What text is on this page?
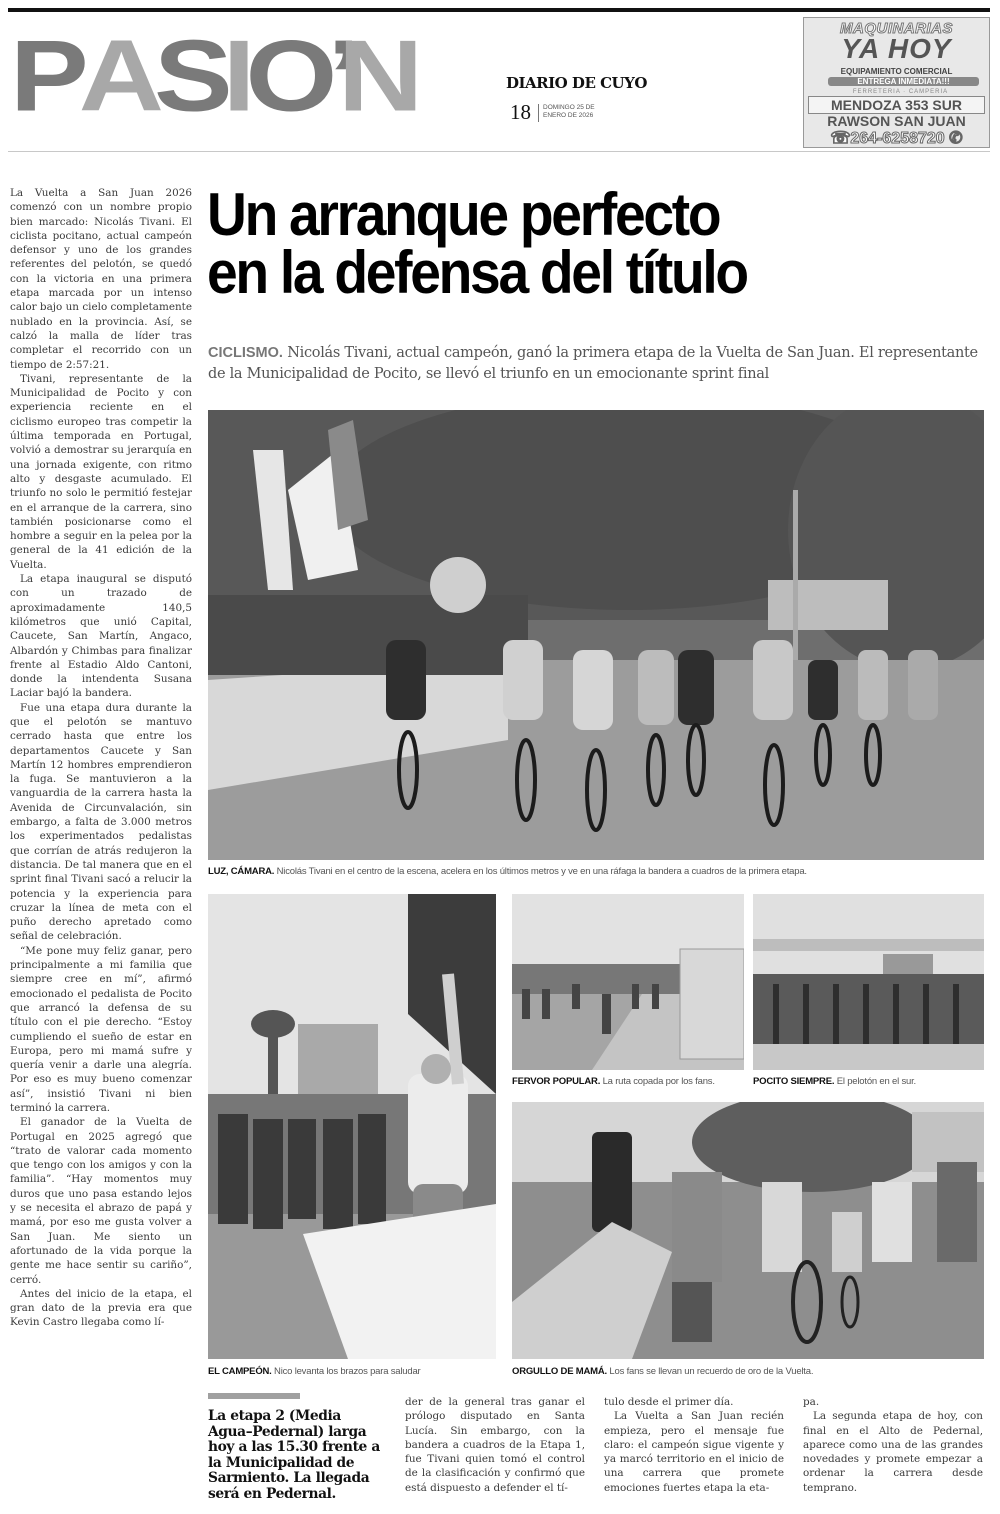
P A S I O ’ N	DIARIO DE CUYO
18 DOMINGO 25 DE
ENERO DE 2026
MAQUINARIAS
YA HOY
EQUIPAMIENTO COMERCIAL
ENTREGA INMEDIATA!!!
FERRETERIA · CAMPERIA
MENDOZA 353 SUR
RAWSON SAN JUAN
☎264-6258720 ✆

La Vuelta a San Juan 2026 comenzó con un nombre propio bien marcado: Nicolás Tivani. El ciclista pocitano, actual campeón defensor y uno de los grandes referentes del pelotón, se quedó con la victoria en una primera etapa marcada por un intenso calor bajo un cielo completamente nublado en la provincia. Así, se calzó la malla de líder tras completar el recorrido con un tiempo de 2:57:21.

Tivani, representante de la Municipalidad de Pocito y con experiencia reciente en el ciclismo europeo tras competir la última temporada en Portugal, volvió a demostrar su jerarquía en una jornada exigente, con ritmo alto y desgaste acumulado. El triunfo no solo le permitió festejar en el arranque de la carrera, sino también posicionarse como el hombre a seguir en la pelea por la general de la 41 edición de la Vuelta.

La etapa inaugural se disputó con un trazado de aproximadamente 140,5 kilómetros que unió Capital, Caucete, San Martín, Angaco, Albardón y Chimbas para finalizar frente al Estadio Aldo Cantoni, donde la intendenta Susana Laciar bajó la bandera.

Fue una etapa dura durante la que el pelotón se mantuvo cerrado hasta que entre los departamentos Caucete y San Martín 12 hombres emprendieron la fuga. Se mantuvieron a la vanguardia de la carrera hasta la Avenida de Circunvalación, sin embargo, a falta de 3.000 metros los experimentados pedalistas que corrían de atrás redujeron la distancia. De tal manera que en el sprint final Tivani sacó a relucir la potencia y la experiencia para cruzar la línea de meta con el puño derecho apretado como señal de celebración.

“Me pone muy feliz ganar, pero principalmente a mi familia que siempre cree en mí”, afirmó emocionado el pedalista de Pocito que arrancó la defensa de su título con el pie derecho. “Estoy cumpliendo el sueño de estar en Europa, pero mi mamá sufre y quería venir a darle una alegría. Por eso es muy bueno comenzar así”, insistió Tivani ni bien terminó la carrera.

El ganador de la Vuelta de Portugal en 2025 agregó que “trato de valorar cada momento que tengo con los amigos y con la familia”. “Hay momentos muy duros que uno pasa estando lejos y se necesita el abrazo de papá y mamá, por eso me gusta volver a San Juan. Me siento un afortunado de la vida porque la gente me hace sentir su cariño”, cerró.

Antes del inicio de la etapa, el gran dato de la previa era que Kevin Castro llegaba como lí-

Un arranque perfecto
en la defensa del título
CICLISMO. Nicolás Tivani, actual campeón, ganó la primera etapa de la Vuelta de San Juan. El representante de la Municipalidad de Pocito, se llevó el triunfo en un emocionante sprint final
LUZ, CÁMARA. Nicolás Tivani en el centro de la escena, acelera en los últimos metros y ve en una ráfaga la bandera a cuadros de la primera etapa.
EL CAMPEÓN. Nico levanta los brazos para saludar
FERVOR POPULAR. La ruta copada por los fans.	POCITO SIEMPRE. El pelotón en el sur.
ORGULLO DE MAMÁ. Los fans se llevan un recuerdo de oro de la Vuelta.
La etapa 2 (Media Agua–Pedernal) larga hoy a las 15.30 frente a la Municipalidad de Sarmiento. La llegada será en Pedernal.

der de la general tras ganar el prólogo disputado en Santa Lucía. Sin embargo, con la bandera a cuadros de la Etapa 1, fue Tivani quien tomó el control de la clasificación y confirmó que está dispuesto a defender el tí-

tulo desde el primer día.

La Vuelta a San Juan recién empieza, pero el mensaje fue claro: el campeón sigue vigente y ya marcó territorio en el inicio de una carrera que promete emociones fuertes etapa la eta-

pa.

La segunda etapa de hoy, con final en el Alto de Pedernal, aparece como una de las grandes novedades y promete empezar a ordenar la carrera desde temprano.
